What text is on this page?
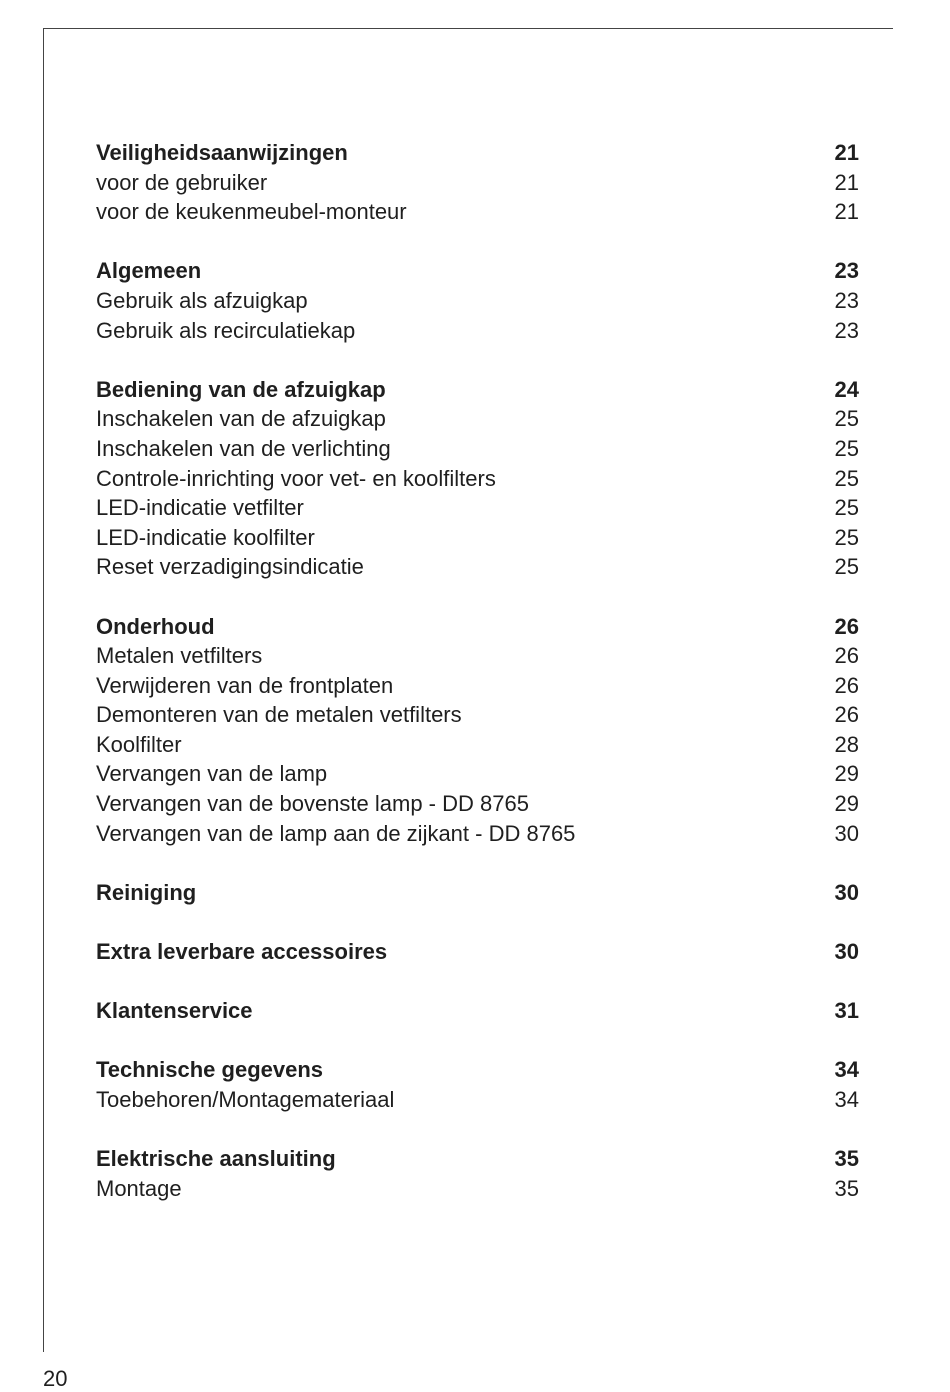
Veiligheidsaanwijzingen	21
voor de gebruiker	21
voor de keukenmeubel-monteur	21
Algemeen	23
Gebruik als afzuigkap	23
Gebruik als recirculatiekap	23
Bediening van de afzuigkap	24
Inschakelen van de afzuigkap	25
Inschakelen van de verlichting	25
Controle-inrichting voor vet- en koolfilters	25
LED-indicatie vetfilter	25
LED-indicatie koolfilter	25
Reset verzadigingsindicatie	25
Onderhoud	26
Metalen vetfilters	26
Verwijderen van de frontplaten	26
Demonteren van de metalen vetfilters	26
Koolfilter	28
Vervangen van de lamp	29
Vervangen van de bovenste lamp - DD 8765	29
Vervangen van de lamp aan de zijkant - DD 8765	30
Reiniging	30
Extra leverbare accessoires	30
Klantenservice	31
Technische gegevens	34
Toebehoren/Montagemateriaal	34
Elektrische aansluiting	35
Montage	35
20
